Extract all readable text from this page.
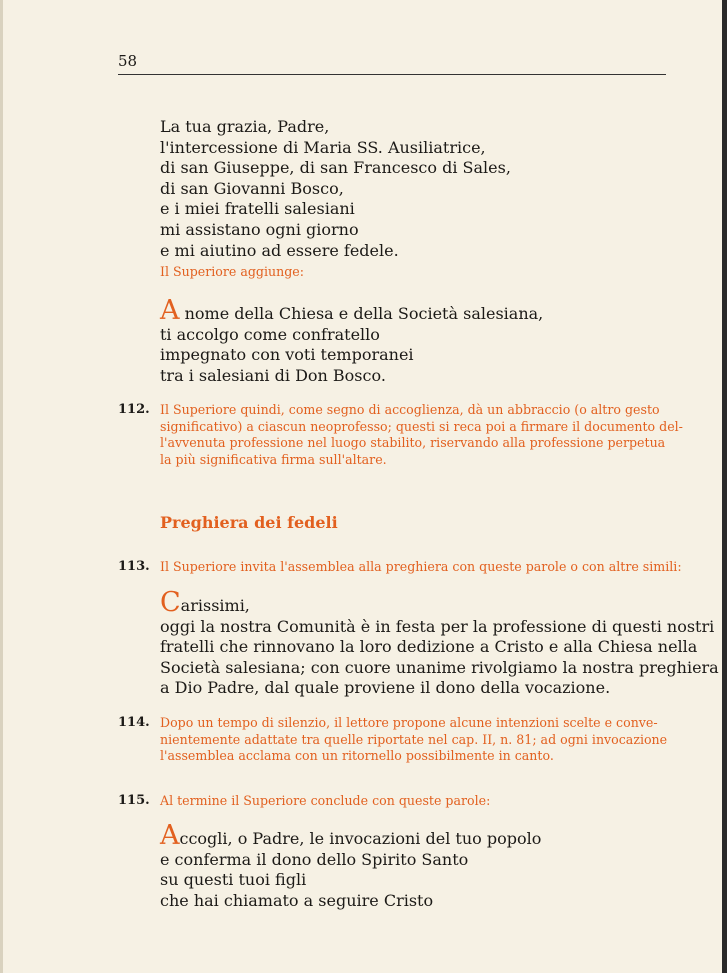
58
La tua grazia, Padre,
l'intercessione di Maria SS. Ausiliatrice,
di san Giuseppe, di san Francesco di Sales,
di san Giovanni Bosco,
e i miei fratelli salesiani
mi assistano ogni giorno
e mi aiutino ad essere fedele.
Il Superiore aggiunge:
A nome della Chiesa e della Società salesiana,
ti accolgo come confratello
impegnato con voti temporanei
tra i salesiani di Don Bosco.
112. Il Superiore quindi, come segno di accoglienza, dà un abbraccio (o altro gesto
significativo) a ciascun neoprofesso; questi si reca poi a firmare il documento del-
l'avvenuta professione nel luogo stabilito, riservando alla professione perpetua
la più significativa firma sull'altare.
Preghiera dei fedeli
113. Il Superiore invita l'assemblea alla preghiera con queste parole o con altre simili:
Carissimi,
oggi la nostra Comunità è in festa per la professione di questi nostri
fratelli che rinnovano la loro dedizione a Cristo e alla Chiesa nella
Società salesiana; con cuore unanime rivolgiamo la nostra preghiera
a Dio Padre, dal quale proviene il dono della vocazione.
114. Dopo un tempo di silenzio, il lettore propone alcune intenzioni scelte e conve-
nientemente adattate tra quelle riportate nel cap. II, n. 81; ad ogni invocazione
l'assemblea acclama con un ritornello possibilmente in canto.
115. Al termine il Superiore conclude con queste parole:
Accogli, o Padre, le invocazioni del tuo popolo
e conferma il dono dello Spirito Santo
su questi tuoi figli
che hai chiamato a seguire Cristo
